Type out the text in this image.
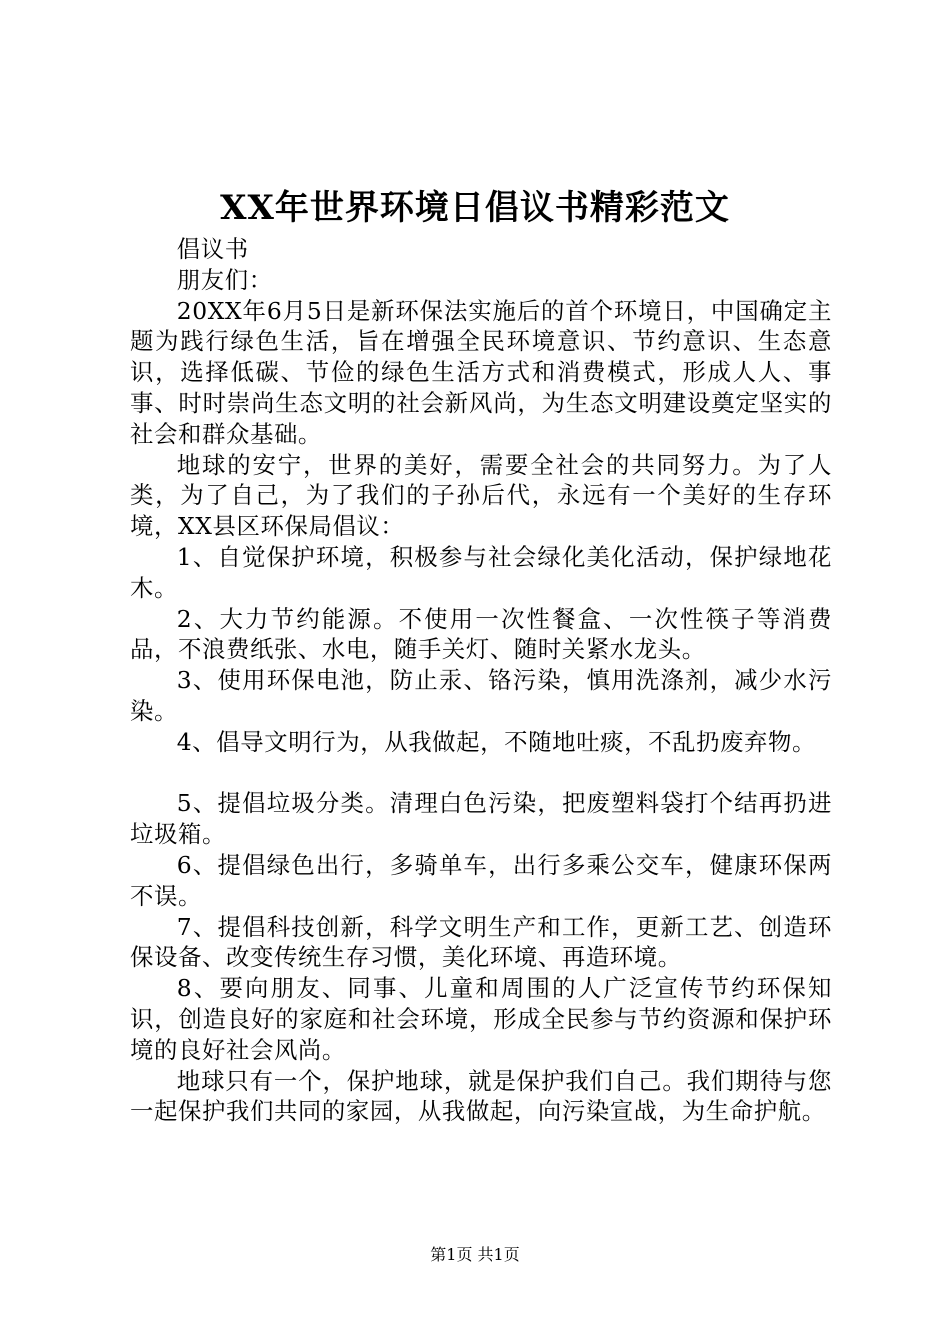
XX年世界环境日倡议书精彩范文

倡议书

朋友们：

20XX年6月5日是新环保法实施后的首个环境日，中国确定主题为践行绿色生活，旨在增强全民环境意识、节约意识、生态意识，选择低碳、节俭的绿色生活方式和消费模式，形成人人、事事、时时崇尚生态文明的社会新风尚，为生态文明建设奠定坚实的社会和群众基础。

地球的安宁，世界的美好，需要全社会的共同努力。为了人类，为了自己，为了我们的子孙后代，永远有一个美好的生存环境，XX县区环保局倡议：

1、自觉保护环境，积极参与社会绿化美化活动，保护绿地花木。

2、大力节约能源。不使用一次性餐盒、一次性筷子等消费品，不浪费纸张、水电，随手关灯、随时关紧水龙头。

3、使用环保电池，防止汞、铬污染，慎用洗涤剂，减少水污染。

4、倡导文明行为，从我做起，不随地吐痰，不乱扔废弃物。

5、提倡垃圾分类。清理白色污染，把废塑料袋打个结再扔进垃圾箱。

6、提倡绿色出行，多骑单车，出行多乘公交车，健康环保两不误。

7、提倡科技创新，科学文明生产和工作，更新工艺、创造环保设备、改变传统生存习惯，美化环境、再造环境。

8、要向朋友、同事、儿童和周围的人广泛宣传节约环保知识，创造良好的家庭和社会环境，形成全民参与节约资源和保护环境的良好社会风尚。

地球只有一个，保护地球，就是保护我们自己。我们期待与您一起保护我们共同的家园，从我做起，向污染宣战，为生命护航。

第1页 共1页
